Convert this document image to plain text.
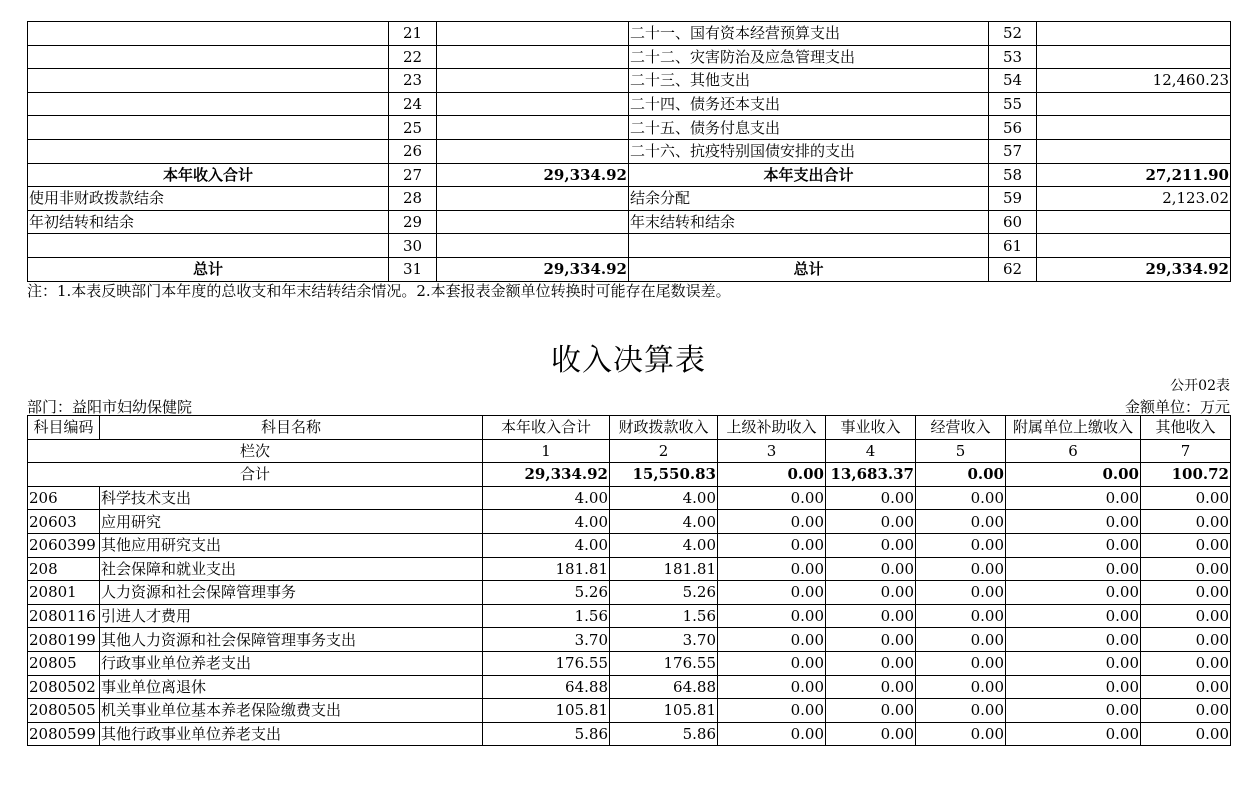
	21		二十一、国有资本经营预算支出	52	
	22		二十二、灾害防治及应急管理支出	53	
	23		二十三、其他支出	54	12,460.23
	24		二十四、债务还本支出	55	
	25		二十五、债务付息支出	56	
	26		二十六、抗疫特别国债安排的支出	57	
本年收入合计	27	29,334.92	本年支出合计	58	27,211.90
使用非财政拨款结余	28		结余分配	59	2,123.02
年初结转和结余	29		年末结转和结余	60	
	30			61	
总计	31	29,334.92	总计	62	29,334.92
注：1.本表反映部门本年度的总收支和年末结转结余情况。2.本套报表金额单位转换时可能存在尾数误差。
收入决算表
公开02表
部门：益阳市妇幼保健院	金额单位：万元
科目编码	科目名称	本年收入合计	财政拨款收入	上级补助收入	事业收入	经营收入	附属单位上缴收入	其他收入
栏次		1	2	3	4	5	6	7
合计		29,334.92	15,550.83	0.00	13,683.37	0.00	0.00	100.72
206	科学技术支出	4.00	4.00	0.00	0.00	0.00	0.00	0.00
20603	应用研究	4.00	4.00	0.00	0.00	0.00	0.00	0.00
2060399	其他应用研究支出	4.00	4.00	0.00	0.00	0.00	0.00	0.00
208	社会保障和就业支出	181.81	181.81	0.00	0.00	0.00	0.00	0.00
20801	人力资源和社会保障管理事务	5.26	5.26	0.00	0.00	0.00	0.00	0.00
2080116	引进人才费用	1.56	1.56	0.00	0.00	0.00	0.00	0.00
2080199	其他人力资源和社会保障管理事务支出	3.70	3.70	0.00	0.00	0.00	0.00	0.00
20805	行政事业单位养老支出	176.55	176.55	0.00	0.00	0.00	0.00	0.00
2080502	事业单位离退休	64.88	64.88	0.00	0.00	0.00	0.00	0.00
2080505	机关事业单位基本养老保险缴费支出	105.81	105.81	0.00	0.00	0.00	0.00	0.00
2080599	其他行政事业单位养老支出	5.86	5.86	0.00	0.00	0.00	0.00	0.00
